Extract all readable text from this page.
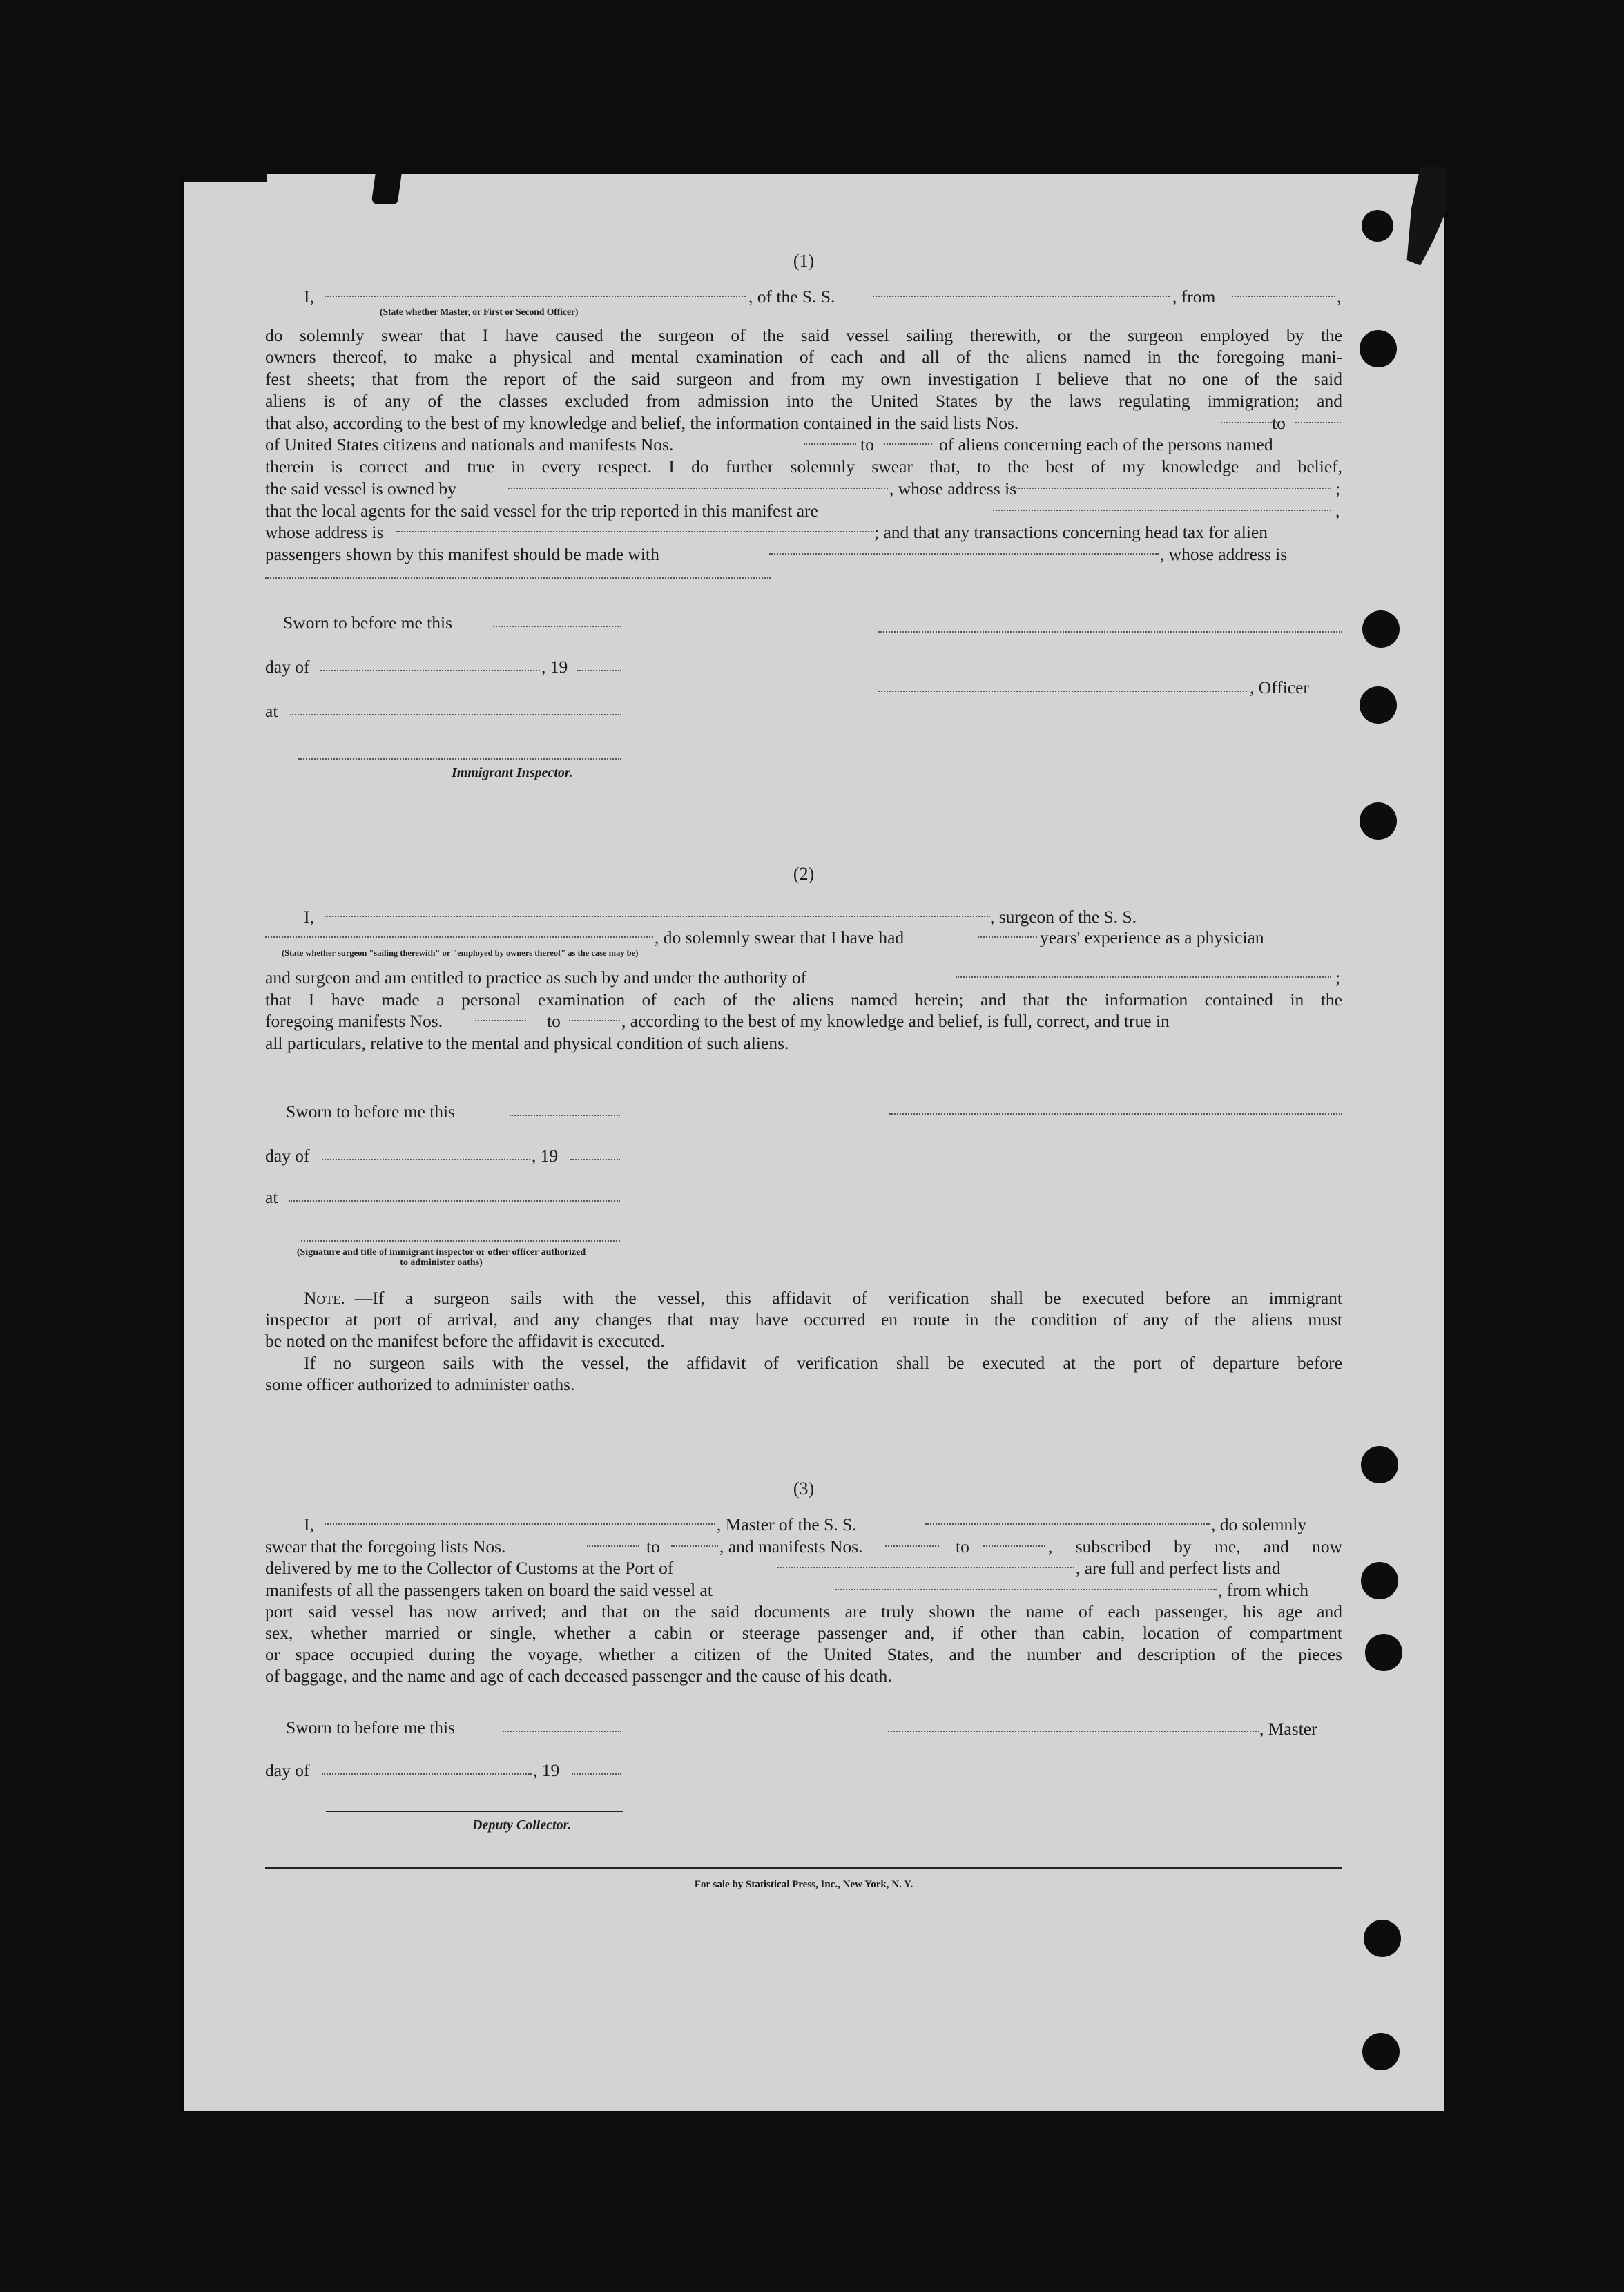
(1)
I,	, of the S. S.	, from	,
(State whether Master, or First or Second Officer)
do solemnly swear that I have caused the surgeon of the said vessel sailing therewith, or the surgeon employed by the
owners thereof, to make a physical and mental examination of each and all of the aliens named in the foregoing mani-
fest sheets; that from the report of the said surgeon and from my own investigation I believe that no one of the said
aliens is of any of the classes excluded from admission into the United States by the laws regulating immigration; and
that also, according to the best of my knowledge and belief, the information contained in the said lists Nos.	to
of United States citizens and nationals and manifests Nos.	to	of aliens concerning each of the persons named
therein is correct and true in every respect. I do further solemnly swear that, to the best of my knowledge and belief,
the said vessel is owned by	, whose address is	;
that the local agents for the said vessel for the trip reported in this manifest are	,
whose address is	; and that any transactions concerning head tax for alien
passengers shown by this manifest should be made with	, whose address is
Sworn to before me this
day of	, 19
, Officer
at
Immigrant Inspector.
(2)
I,	, surgeon of the S. S.
, do solemnly swear that I have had	years' experience as a physician
(State whether surgeon "sailing therewith" or "employed by owners thereof" as the case may be)
and surgeon and am entitled to practice as such by and under the authority of	;
that I have made a personal examination of each of the aliens named herein; and that the information contained in the
foregoing manifests Nos.	to	, according to the best of my knowledge and belief, is full, correct, and true in
all particulars, relative to the mental and physical condition of such aliens.
Sworn to before me this
day of	, 19
at
(Signature and title of immigrant inspector or other officer authorized to administer oaths)
Note. —If a surgeon sails with the vessel, this affidavit of verification shall be executed before an immigrant
inspector at port of arrival, and any changes that may have occurred en route in the condition of any of the aliens must
be noted on the manifest before the affidavit is executed.
If no surgeon sails with the vessel, the affidavit of verification shall be executed at the port of departure before
some officer authorized to administer oaths.
(3)
I,	, Master of the S. S.	, do solemnly
swear that the foregoing lists Nos.	to	, and manifests Nos.	to	, subscribed by me, and now
delivered by me to the Collector of Customs at the Port of	, are full and perfect lists and
manifests of all the passengers taken on board the said vessel at	, from which
port said vessel has now arrived; and that on the said documents are truly shown the name of each passenger, his age and
sex, whether married or single, whether a cabin or steerage passenger and, if other than cabin, location of compartment
or space occupied during the voyage, whether a citizen of the United States, and the number and description of the pieces
of baggage, and the name and age of each deceased passenger and the cause of his death.
Sworn to before me this	, Master
day of	, 19
Deputy Collector.
For sale by Statistical Press, Inc., New York, N. Y.
